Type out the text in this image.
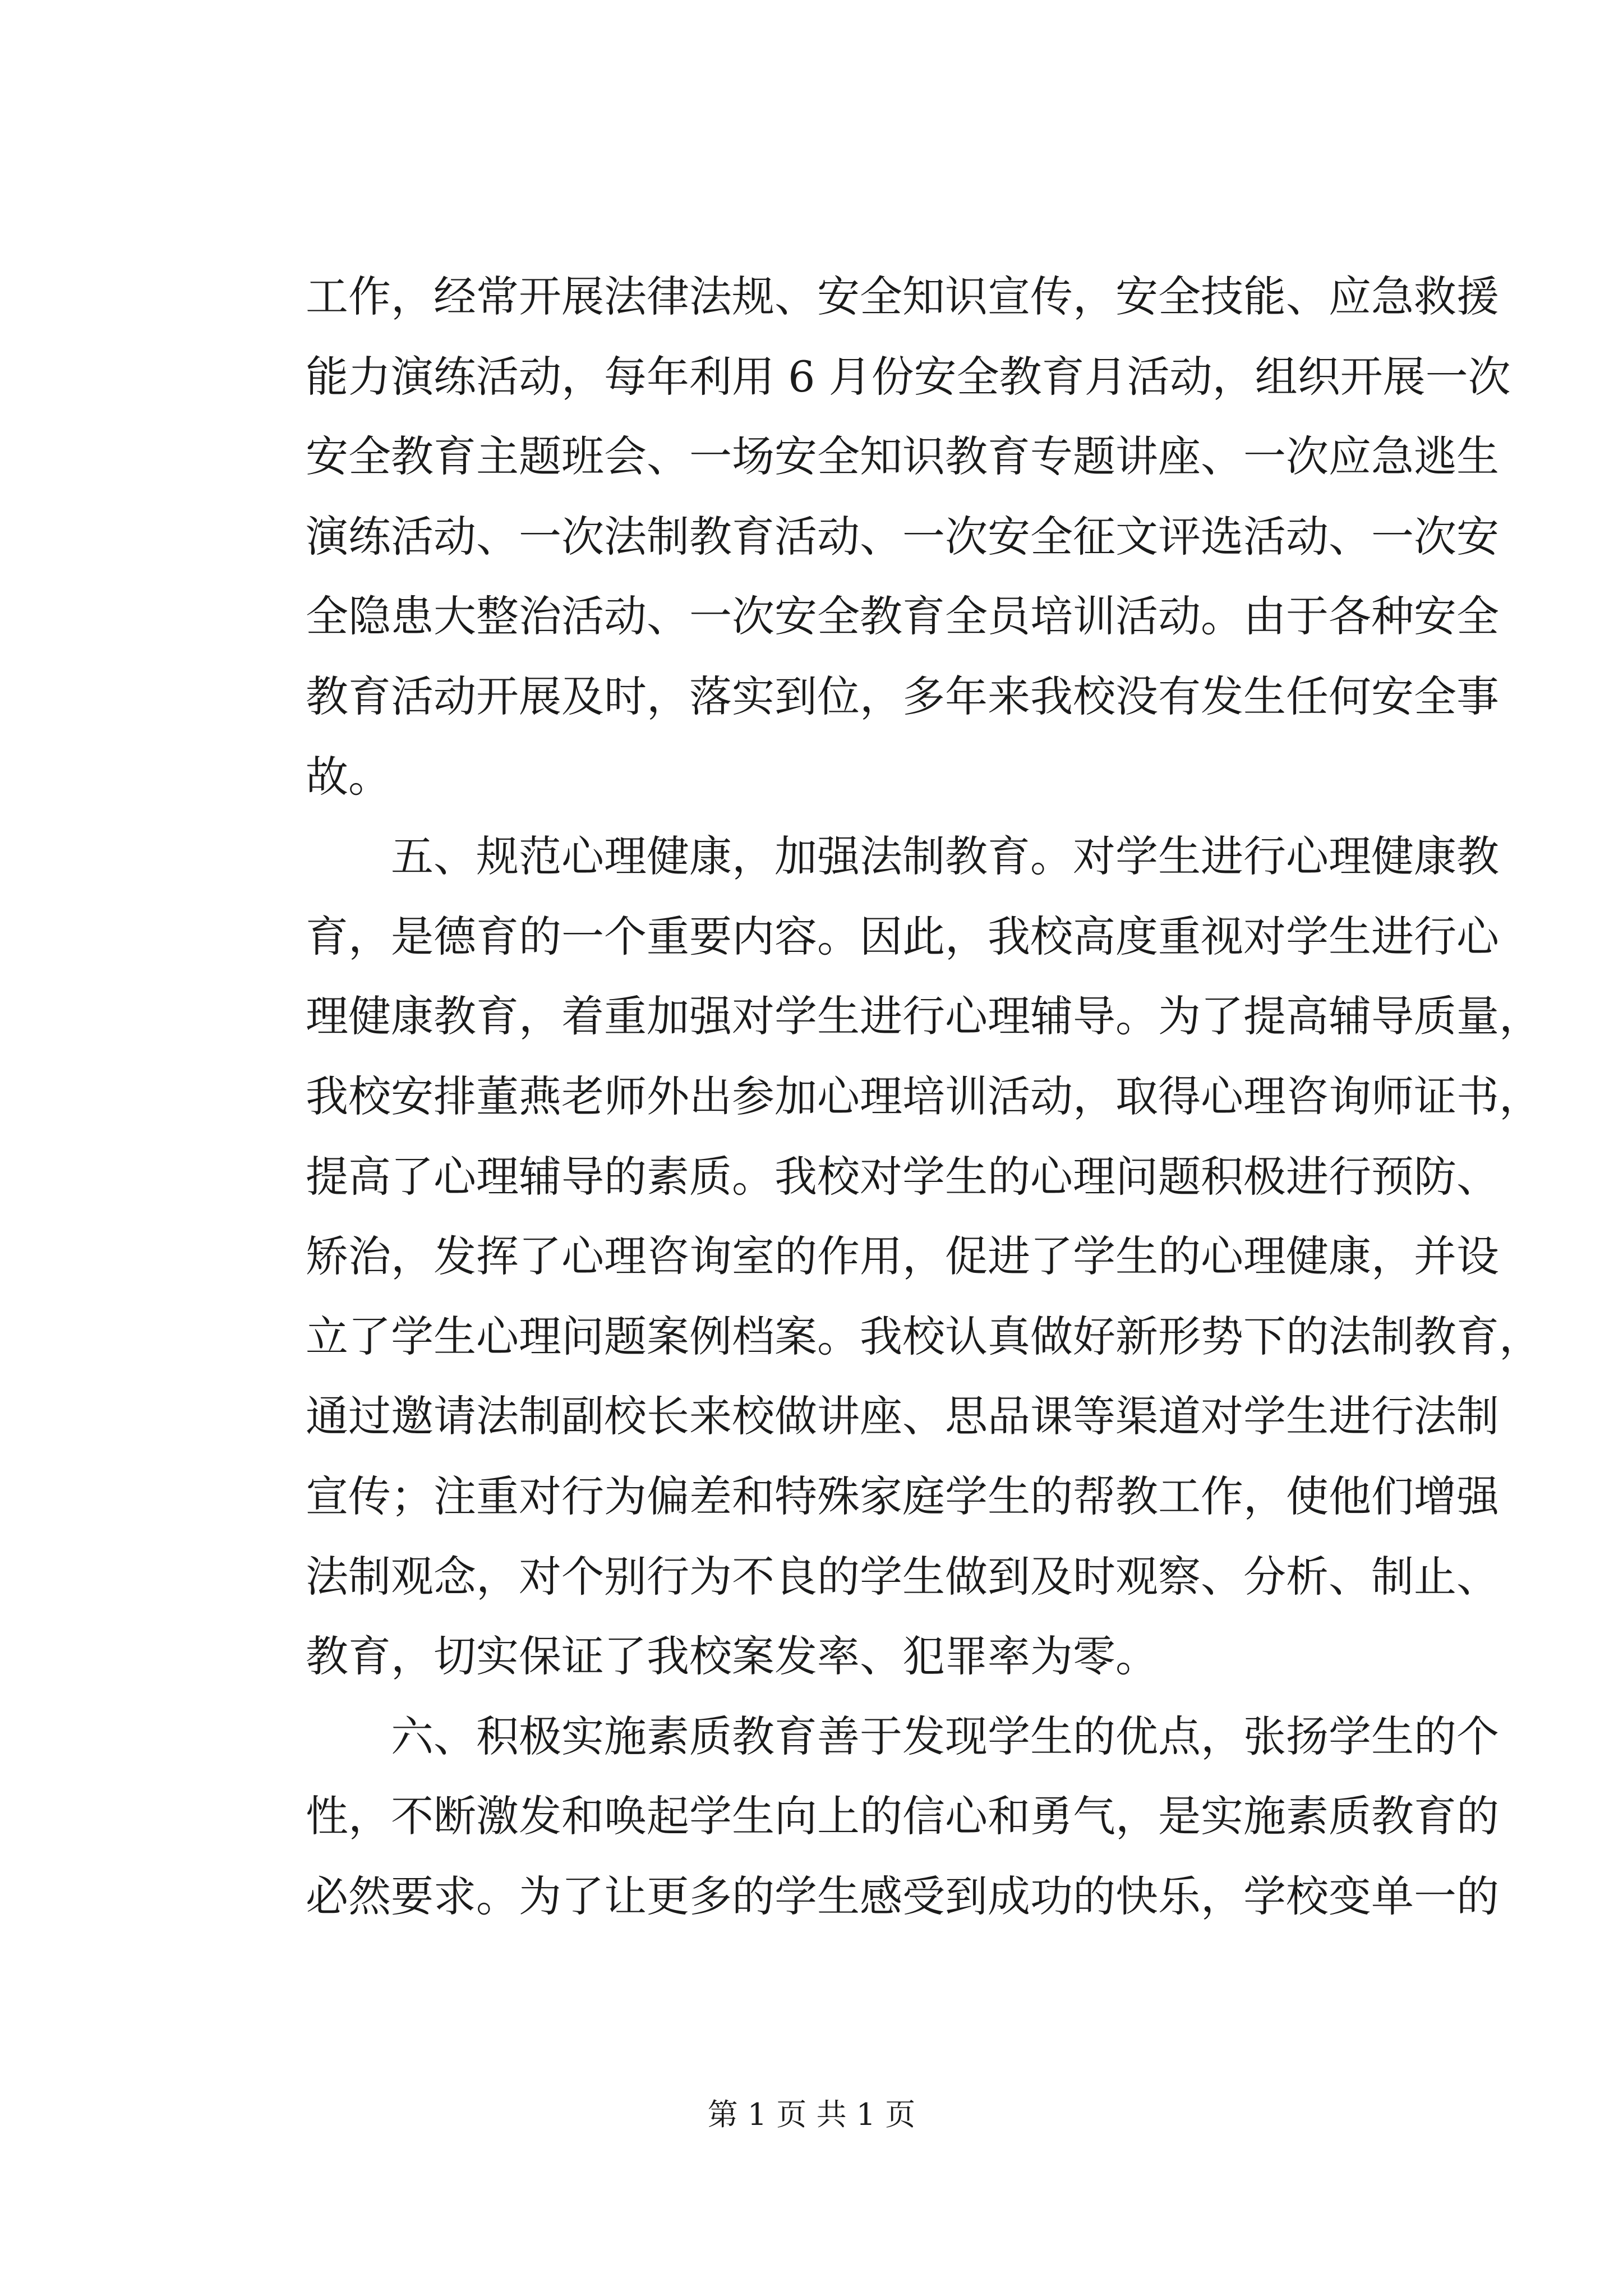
工作，经常开展法律法规、安全知识宣传，安全技能、应急救援
能力演练活动，每年利用 6 月份安全教育月活动，组织开展一次
安全教育主题班会、一场安全知识教育专题讲座、一次应急逃生
演练活动、一次法制教育活动、一次安全征文评选活动、一次安
全隐患大整治活动、一次安全教育全员培训活动。由于各种安全
教育活动开展及时，落实到位，多年来我校没有发生任何安全事
故。
五、规范心理健康，加强法制教育。对学生进行心理健康教
育，是德育的一个重要内容。因此，我校高度重视对学生进行心
理健康教育，着重加强对学生进行心理辅导。为了提高辅导质量，
我校安排董燕老师外出参加心理培训活动，取得心理咨询师证书，
提高了心理辅导的素质。我校对学生的心理问题积极进行预防、
矫治，发挥了心理咨询室的作用，促进了学生的心理健康，并设
立了学生心理问题案例档案。我校认真做好新形势下的法制教育，
通过邀请法制副校长来校做讲座、思品课等渠道对学生进行法制
宣传；注重对行为偏差和特殊家庭学生的帮教工作，使他们增强
法制观念，对个别行为不良的学生做到及时观察、分析、制止、
教育，切实保证了我校案发率、犯罪率为零。
六、积极实施素质教育善于发现学生的优点，张扬学生的个
性，不断激发和唤起学生向上的信心和勇气，是实施素质教育的
必然要求。为了让更多的学生感受到成功的快乐，学校变单一的
第 1 页 共 1 页
